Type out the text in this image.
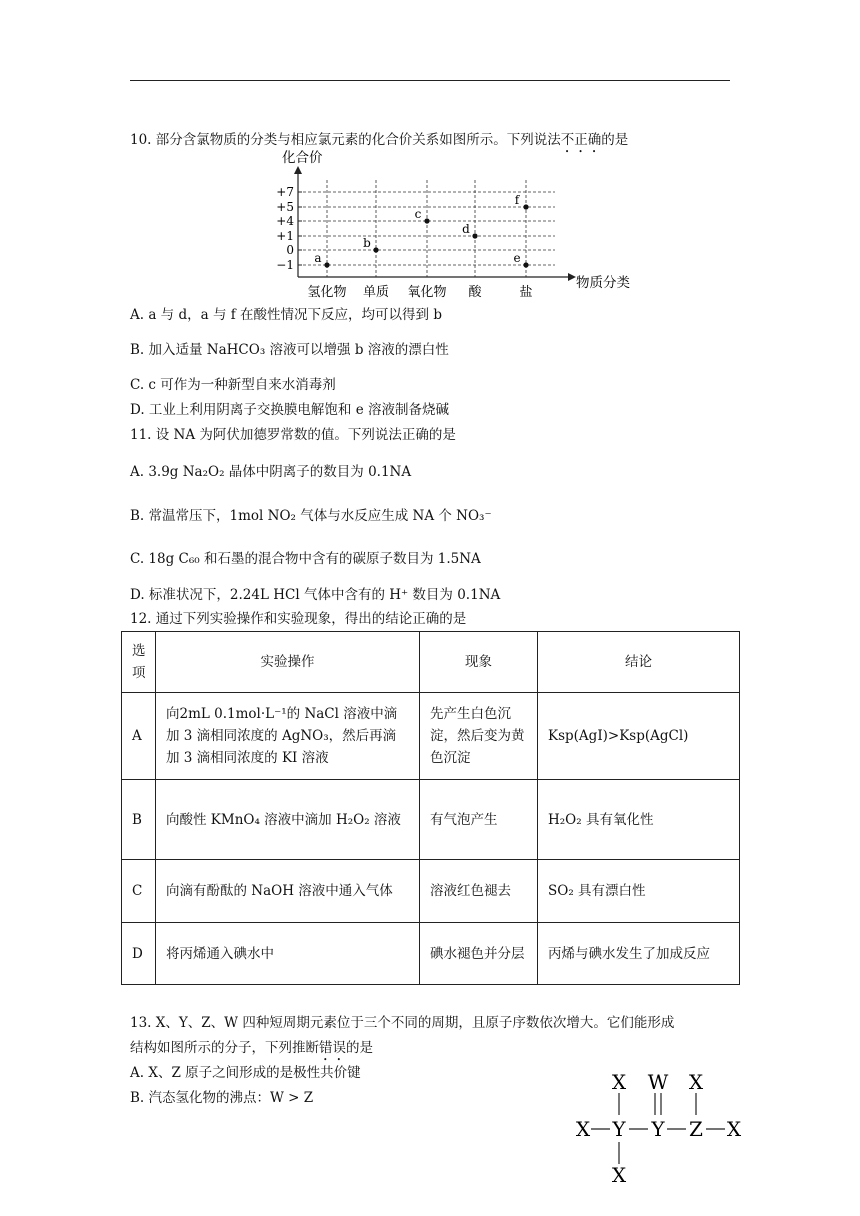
10. 部分含氯物质的分类与相应氯元素的化合价关系如图所示。下列说法不正确的是
+7
+5
+4
+1
0
−1
氢化物 单质 氧化物 酸	盐
a
b
c
d
e
f
化合价
物质分类
A. a 与 d，a 与 f 在酸性情况下反应，均可以得到 b
B. 加入适量 NaHCO₃ 溶液可以增强 b 溶液的漂白性
C. c 可作为一种新型自来水消毒剂
D. 工业上利用阴离子交换膜电解饱和 e 溶液制备烧碱
11. 设 NA 为阿伏加德罗常数的值。下列说法正确的是
A. 3.9g Na₂O₂ 晶体中阴离子的数目为 0.1NA
B. 常温常压下，1mol NO₂ 气体与水反应生成 NA 个 NO₃⁻
C. 18g C₆₀ 和石墨的混合物中含有的碳原子数目为 1.5NA
D. 标准状况下，2.24L HCl 气体中含有的 H⁺ 数目为 0.1NA
12. 通过下列实验操作和实验现象，得出的结论正确的是
选项	实验操作	现象	结论
A	向2mL 0.1mol·L⁻¹的 NaCl 溶液中滴加 3 滴相同浓度的 AgNO₃，然后再滴加 3 滴相同浓度的 KI 溶液	先产生白色沉淀，然后变为黄色沉淀	Ksp(AgI)>Ksp(AgCl)
B	向酸性 KMnO₄ 溶液中滴加 H₂O₂ 溶液	有气泡产生	H₂O₂ 具有氧化性
C	向滴有酚酞的 NaOH 溶液中通入气体	溶液红色褪去	SO₂ 具有漂白性
D	将丙烯通入碘水中	碘水褪色并分层	丙烯与碘水发生了加成反应
13. X、Y、Z、W 四种短周期元素位于三个不同的周期，且原子序数依次增大。它们能形成
结构如图所示的分子，下列推断错误的是
A. X、Z 原子之间形成的是极性共价键
B. 汽态氢化物的沸点：W > Z
X W X
X Y Y Z X
X
